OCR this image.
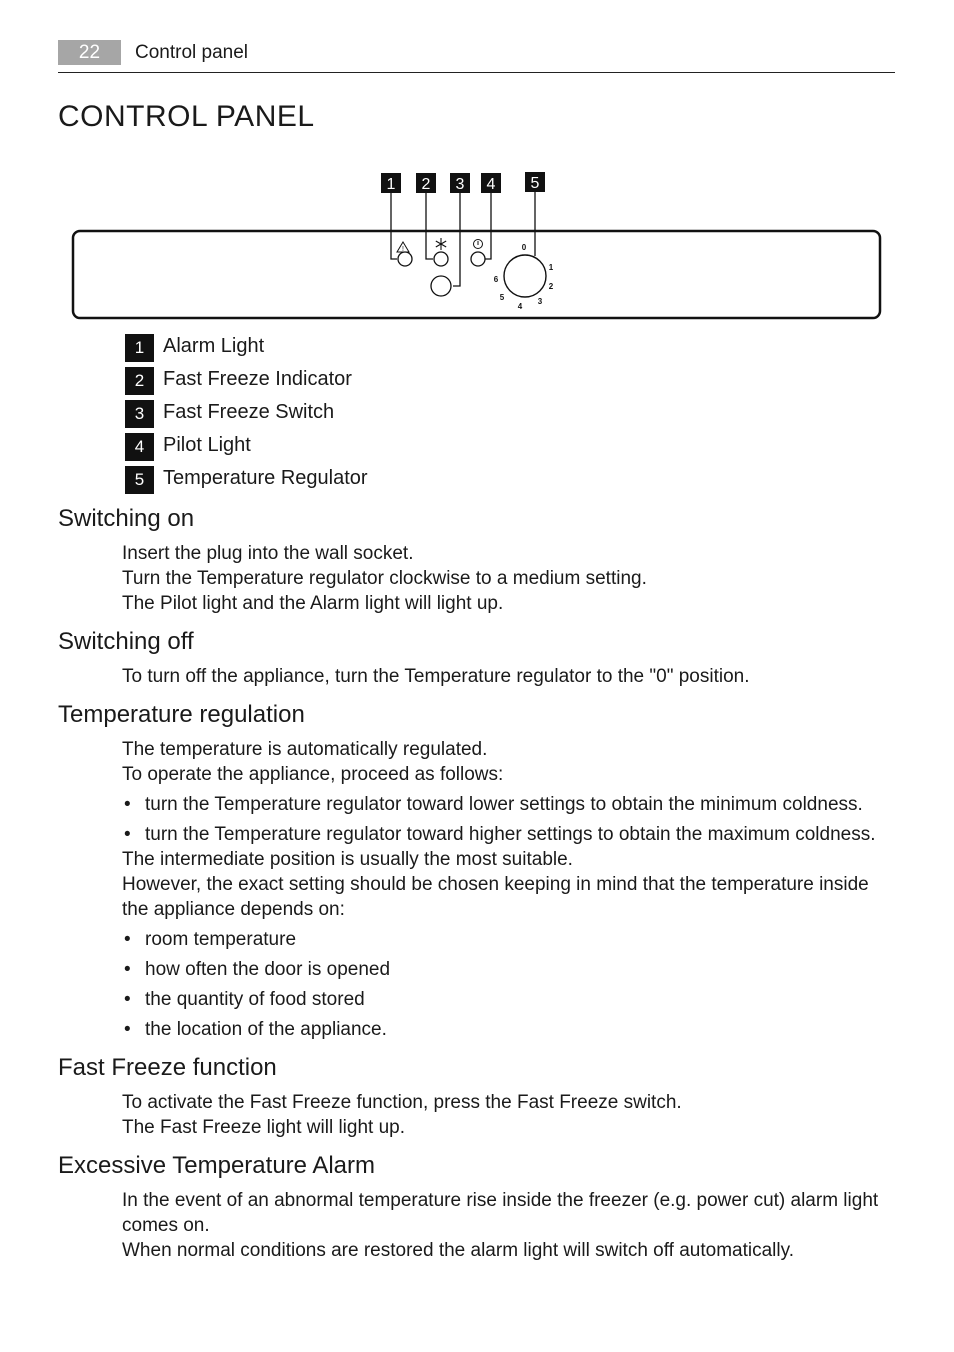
22	Control panel
CONTROL PANEL
1 2 3 4 5
!	0
1
2
3
4
5
6
1 Alarm Light
2 Fast Freeze Indicator
3 Fast Freeze Switch
4 Pilot Light
5 Temperature Regulator
Switching on
Insert the plug into the wall socket.
Turn the Temperature regulator clockwise to a medium setting.
The Pilot light and the Alarm light will light up.
Switching off
To turn off the appliance, turn the Temperature regulator to the "0" position.
Temperature regulation
The temperature is automatically regulated.
To operate the appliance, proceed as follows:
• turn the Temperature regulator toward lower settings to obtain the minimum coldness.
• turn the Temperature regulator toward higher settings to obtain the maximum coldness.
The intermediate position is usually the most suitable.
However, the exact setting should be chosen keeping in mind that the temperature inside the appliance depends on:
• room temperature
• how often the door is opened
• the quantity of food stored
• the location of the appliance.
Fast Freeze function
To activate the Fast Freeze function, press the Fast Freeze switch.
The Fast Freeze light will light up.
Excessive Temperature Alarm
In the event of an abnormal temperature rise inside the freezer (e.g. power cut) alarm light comes on.
When normal conditions are restored the alarm light will switch off automatically.
